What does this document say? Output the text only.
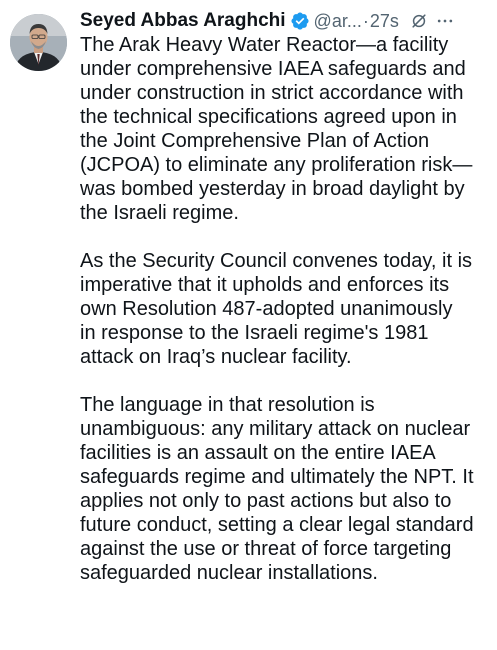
Seyed Abbas Araghchi @ar... · 27s

The Arak Heavy Water Reactor—a facility
under comprehensive IAEA safeguards and
under construction in strict accordance with
the technical specifications agreed upon in
the Joint Comprehensive Plan of Action
(JCPOA) to eliminate any proliferation risk—
was bombed yesterday in broad daylight by
the Israeli regime.

As the Security Council convenes today, it is
imperative that it upholds and enforces its
own Resolution 487-adopted unanimously
in response to the Israeli regime's 1981
attack on Iraq’s nuclear facility.

The language in that resolution is
unambiguous: any military attack on nuclear
facilities is an assault on the entire IAEA
safeguards regime and ultimately the NPT. It
applies not only to past actions but also to
future conduct, setting a clear legal standard
against the use or threat of force targeting
safeguarded nuclear installations.
